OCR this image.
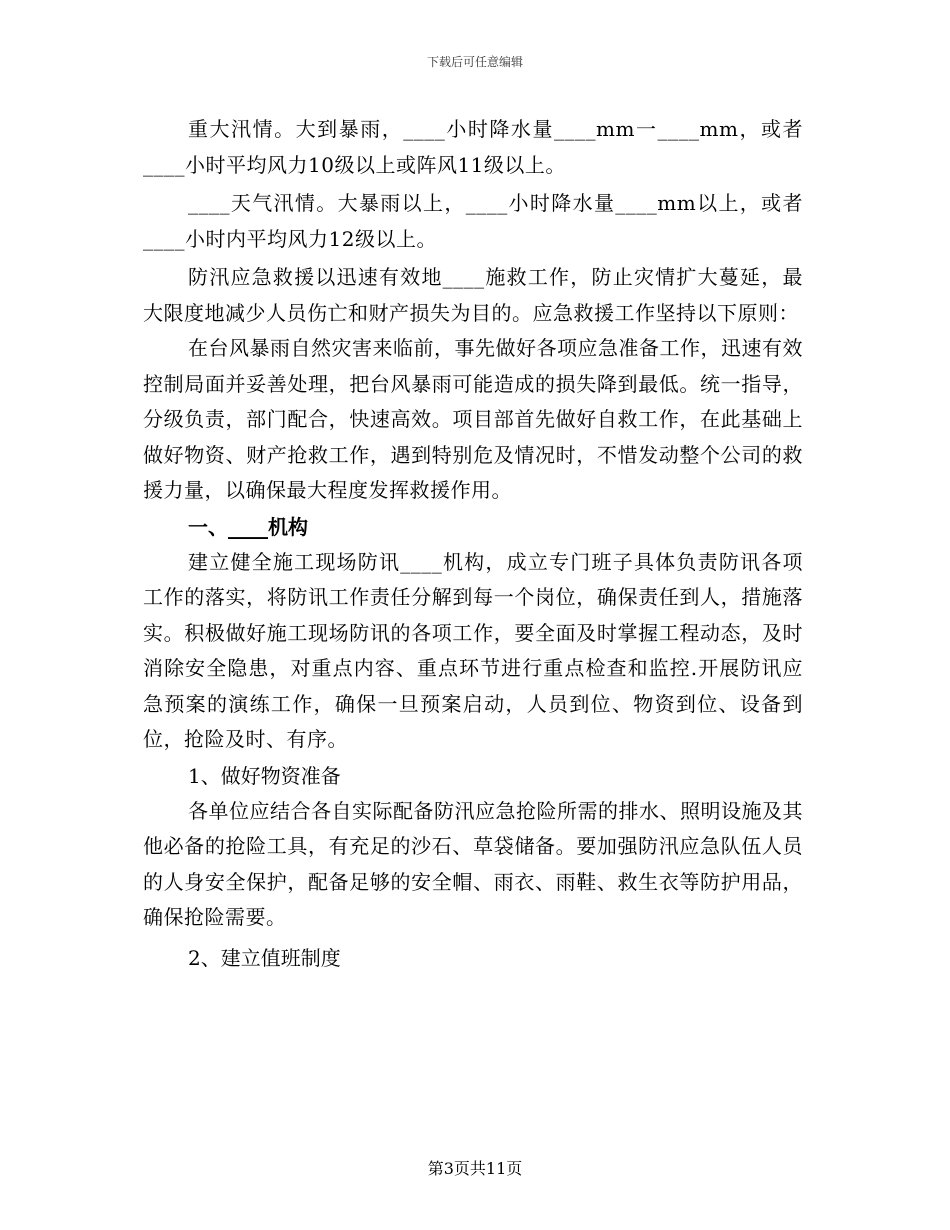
下载后可任意编辑

重大汛情。大到暴雨，____小时降水量____mm一____mm，或者____小时平均风力10级以上或阵风11级以上。

____天气汛情。大暴雨以上，____小时降水量____mm以上，或者____小时内平均风力12级以上。

防汛应急救援以迅速有效地____施救工作，防止灾情扩大蔓延，最大限度地减少人员伤亡和财产损失为目的。应急救援工作坚持以下原则：

在台风暴雨自然灾害来临前，事先做好各项应急准备工作，迅速有效控制局面并妥善处理，把台风暴雨可能造成的损失降到最低。统一指导，分级负责，部门配合，快速高效。项目部首先做好自救工作，在此基础上做好物资、财产抢救工作，遇到特别危及情况时，不惜发动整个公司的救援力量，以确保最大程度发挥救援作用。

一、____机构

建立健全施工现场防讯____机构，成立专门班子具体负责防讯各项工作的落实，将防讯工作责任分解到每一个岗位，确保责任到人，措施落实。积极做好施工现场防讯的各项工作，要全面及时掌握工程动态，及时消除安全隐患，对重点内容、重点环节进行重点检查和监控.开展防讯应急预案的演练工作，确保一旦预案启动，人员到位、物资到位、设备到位，抢险及时、有序。

1、做好物资准备

各单位应结合各自实际配备防汛应急抢险所需的排水、照明设施及其他必备的抢险工具，有充足的沙石、草袋储备。要加强防汛应急队伍人员的人身安全保护，配备足够的安全帽、雨衣、雨鞋、救生衣等防护用品，确保抢险需要。

2、建立值班制度

第3页共11页
